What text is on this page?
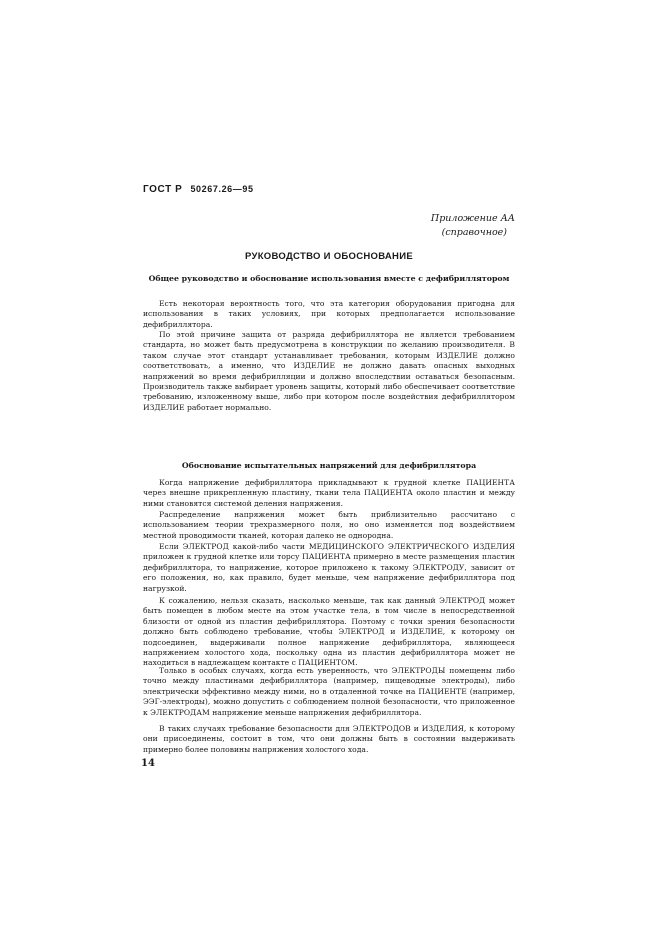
ГОСТ Р 50267.26—95
Приложение АА
(справочное)
РУКОВОДСТВО И ОБОСНОВАНИЕ
Общее руководство и обоснование использования вместе с дефибриллятором
Есть некоторая вероятность того, что эта категория оборудования пригодна для использования в таких условиях, при которых предполагается использование дефибриллятора.
По этой причине защита от разряда дефибриллятора не является требованием стандарта, но может быть предусмотрена в конструкции по желанию производителя. В таком случае этот стандарт устанавливает требования, которым ИЗДЕЛИЕ должно соответствовать, а именно, что ИЗДЕЛИЕ не должно давать опасных выходных напряжений во время дефибрилляции и должно впоследствии оставаться безопасным. Производитель также выбирает уровень защиты, который либо обеспечивает соответствие требованию, изложенному выше, либо при котором после воздействия дефибриллятором ИЗДЕЛИЕ работает нормально.
Обоснование испытательных напряжений для дефибриллятора
Когда напряжение дефибриллятора прикладывают к грудной клетке ПАЦИЕНТА через внешне прикрепленную пластину, ткани тела ПАЦИЕНТА около пластин и между ними становятся системой деления напряжения.
Распределение напряжения может быть приблизительно рассчитано с использованием теории трехразмерного поля, но оно изменяется под воздействием местной проводимости тканей, которая далеко не однородна.
Если ЭЛЕКТРОД какой-либо части МЕДИЦИНСКОГО ЭЛЕКТРИЧЕСКОГО ИЗДЕЛИЯ приложен к грудной клетке или торсу ПАЦИЕНТА примерно в месте размещения пластин дефибриллятора, то напряжение, которое приложено к такому ЭЛЕКТРОДУ, зависит от его положения, но, как правило, будет меньше, чем напряжение дефибриллятора под нагрузкой.
К сожалению, нельзя сказать, насколько меньше, так как данный ЭЛЕКТРОД может быть помещен в любом месте на этом участке тела, в том числе в непосредственной близости от одной из пластин дефибриллятора. Поэтому с точки зрения безопасности должно быть соблюдено требование, чтобы ЭЛЕКТРОД и ИЗДЕЛИЕ, к которому он подсоединен, выдерживали полное напряжение дефибриллятора, являющееся напряжением холостого хода, поскольку одна из пластин дефибриллятора может не находиться в надлежащем контакте с ПАЦИЕНТОМ.
Только в особых случаях, когда есть уверенность, что ЭЛЕКТРОДЫ помещены либо точно между пластинами дефибриллятора (например, пищеводные электроды), либо электрически эффективно между ними, но в отдаленной точке на ПАЦИЕНТЕ (например, ЭЭГ-электроды), можно допустить с соблюдением полной безопасности, что приложенное к ЭЛЕКТРОДАМ напряжение меньше напряжения дефибриллятора.
В таких случаях требование безопасности для ЭЛЕКТРОДОВ и ИЗДЕЛИЯ, к которому они присоединены, состоит в том, что они должны быть в состоянии выдерживать примерно более половины напряжения холостого хода.
14
